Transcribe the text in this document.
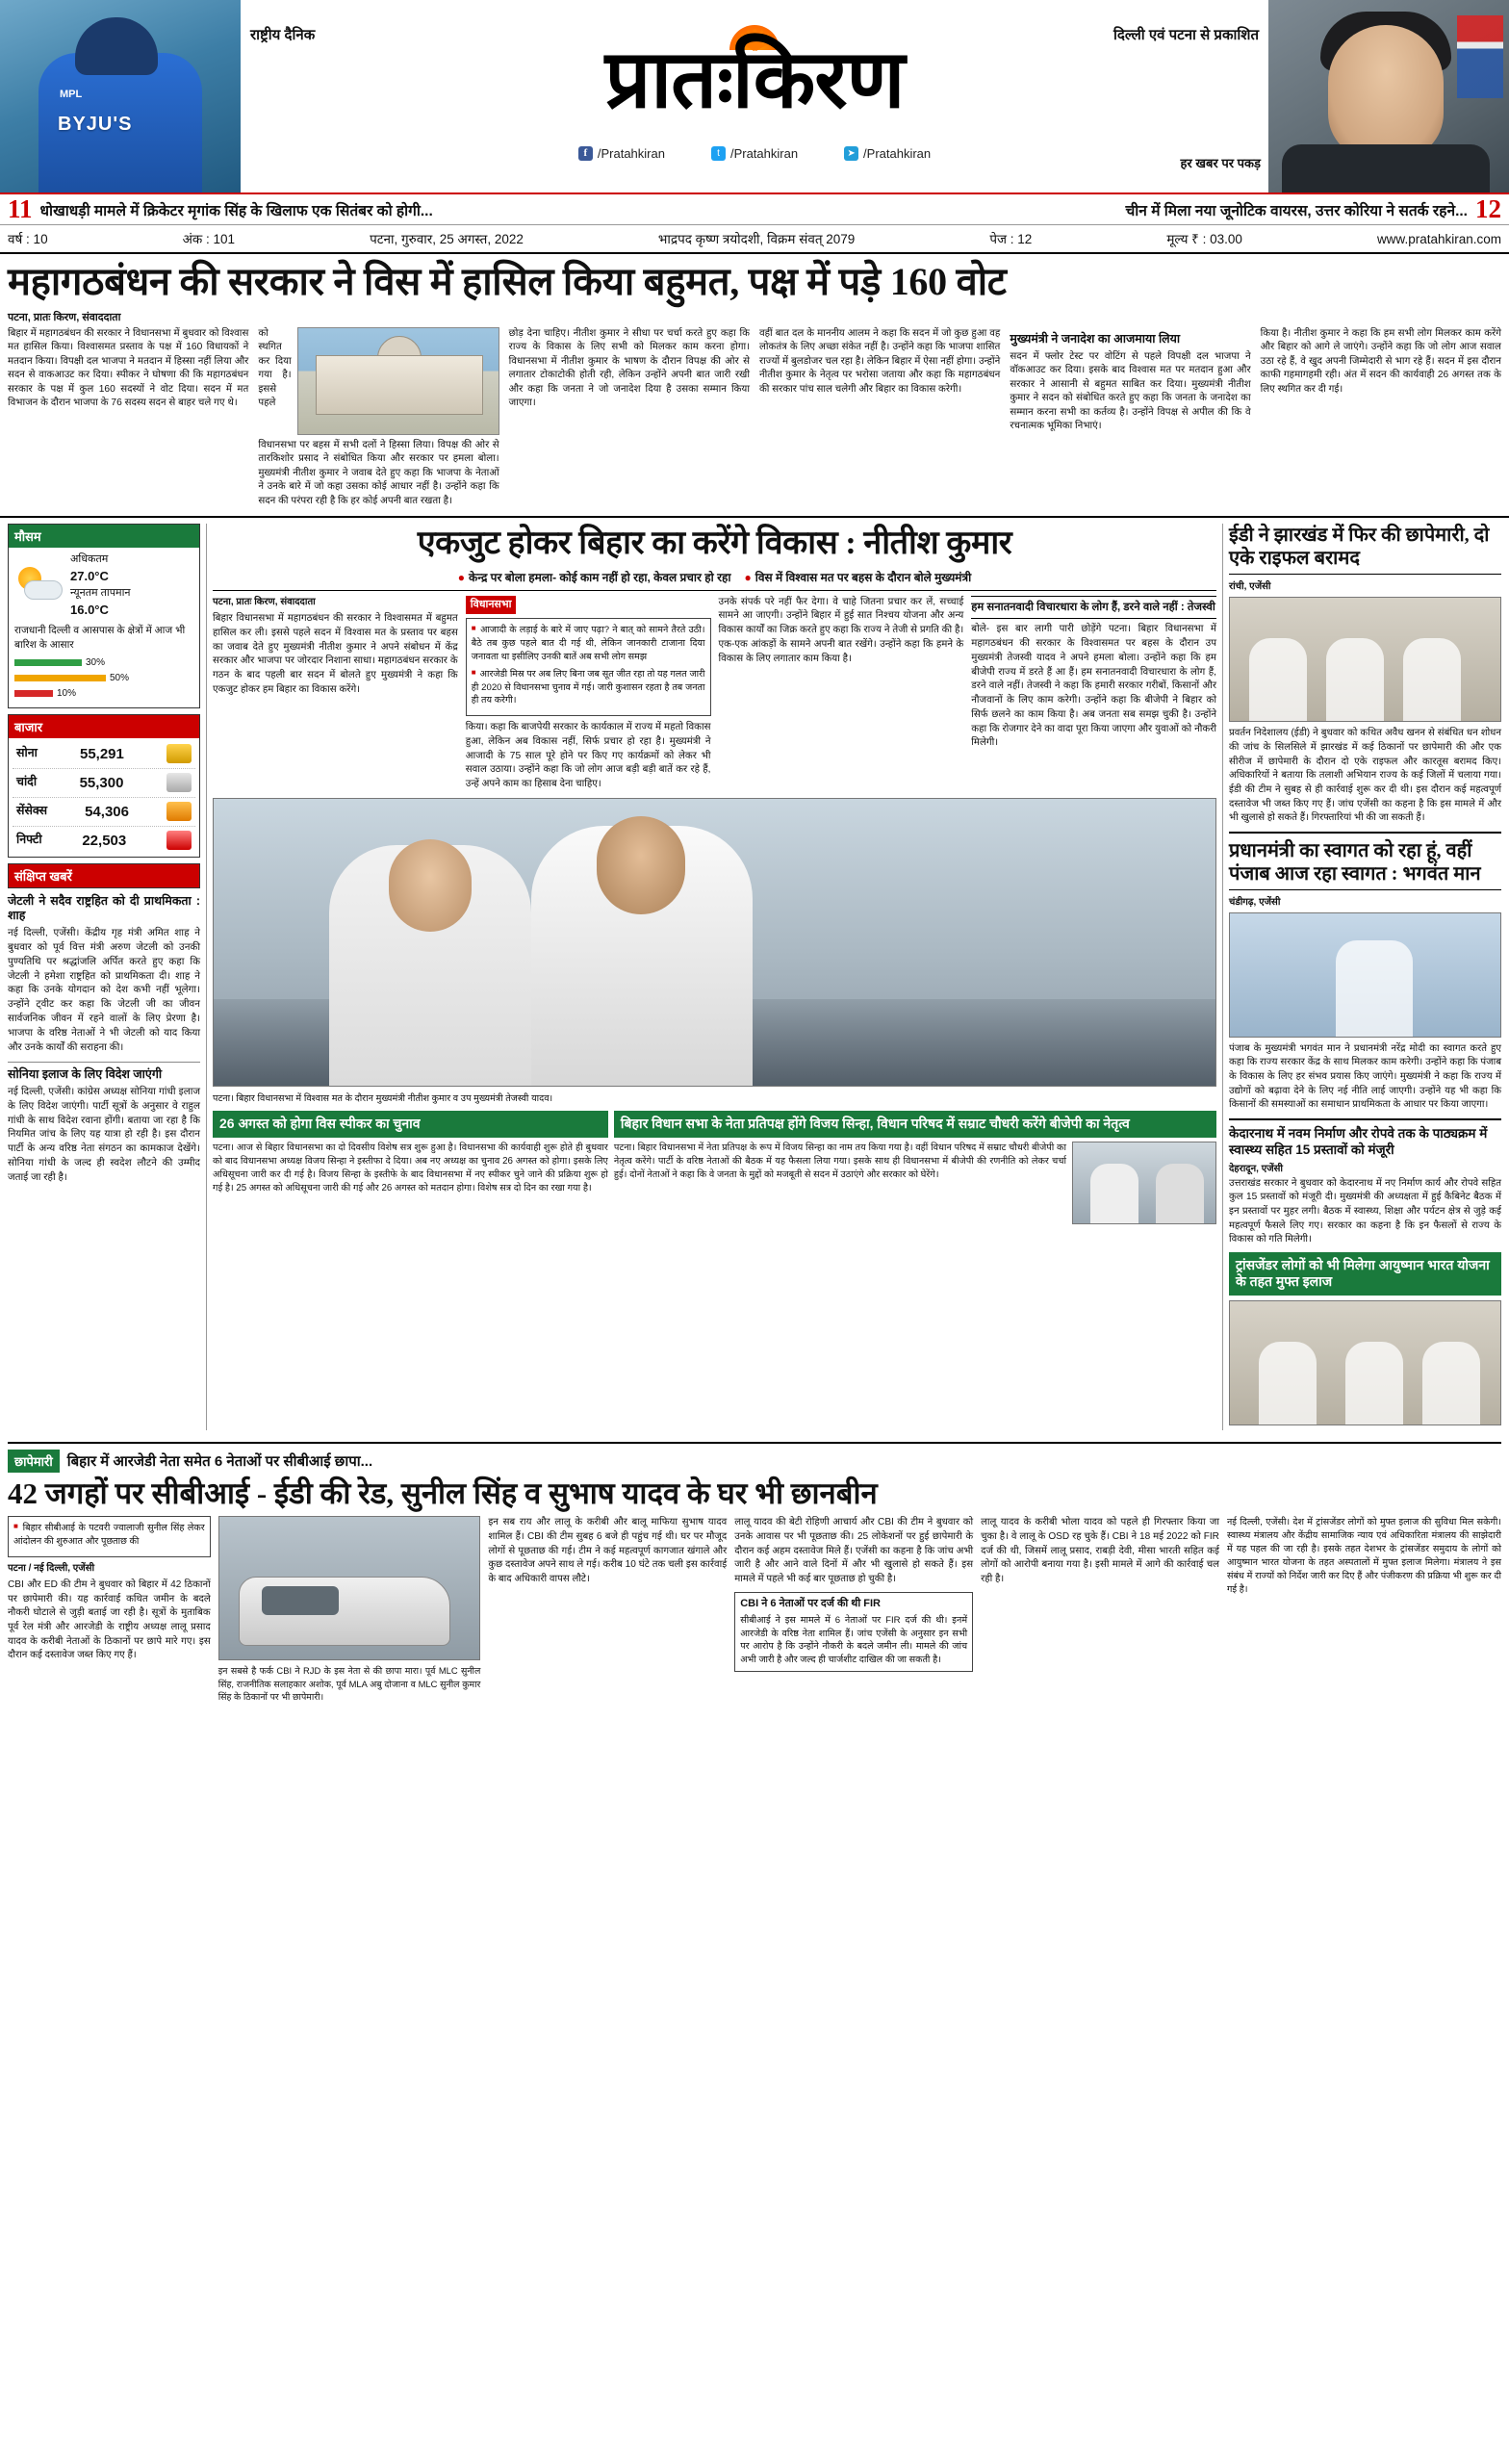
MPL
BYJU'S
राष्ट्रीय दैनिक	दिल्ली एवं पटना से प्रकाशित
प्रातःकिरण
f /Pratahkiran	t /Pratahkiran	➤ /Pratahkiran
हर खबर पर पकड़
11 धोखाधड़ी मामले में क्रिकेटर मृगांक सिंह के खिलाफ एक सितंबर को होगी...	चीन में मिला नया जूनोटिक वायरस, उत्तर कोरिया ने सतर्क रहने... 12
वर्ष : 10	अंक : 101	पटना, गुरुवार, 25 अगस्त, 2022	भाद्रपद कृष्ण त्रयोदशी, विक्रम संवत् 2079	पेज : 12	मूल्य ₹ : 03.00	www.pratahkiran.com
महागठबंधन की सरकार ने विस में हासिल किया बहुमत, पक्ष में पड़े 160 वोट
पटना, प्रातः किरण, संवाददाता
बिहार में महागठबंधन की सरकार ने विधानसभा में बुधवार को विश्वास मत हासिल किया। विश्वासमत प्रस्ताव के पक्ष में 160 विधायकों ने मतदान किया। विपक्षी दल भाजपा ने मतदान में हिस्सा नहीं लिया और सदन से वाकआउट कर दिया। स्पीकर ने घोषणा की कि महागठबंधन सरकार के पक्ष में कुल 160 सदस्यों ने वोट दिया। सदन में मत विभाजन के दौरान भाजपा के 76 सदस्य सदन से बाहर चले गए थे।
को स्थगित कर दिया गया है। इससे पहले विधानसभा पर बहस में सभी दलों ने हिस्सा लिया। विपक्ष की ओर से तारकिशोर प्रसाद ने संबोधित किया और सरकार पर हमला बोला। मुख्यमंत्री नीतीश कुमार ने जवाब देते हुए कहा कि भाजपा के नेताओं ने उनके बारे में जो कहा उसका कोई आधार नहीं है। उन्होंने कहा कि सदन की परंपरा रही है कि हर कोई अपनी बात रखता है।
छोड़ देना चाहिए। नीतीश कुमार ने सीधा पर चर्चा करते हुए कहा कि राज्य के विकास के लिए सभी को मिलकर काम करना होगा। विधानसभा में नीतीश कुमार के भाषण के दौरान विपक्ष की ओर से लगातार टोकाटोकी होती रही, लेकिन उन्होंने अपनी बात जारी रखी और कहा कि जनता ने जो जनादेश दिया है उसका सम्मान किया जाएगा।
वहीं बात दल के माननीय आलम ने कहा कि सदन में जो कुछ हुआ वह लोकतंत्र के लिए अच्छा संकेत नहीं है। उन्होंने कहा कि भाजपा शासित राज्यों में बुलडोजर चल रहा है। लेकिन बिहार में ऐसा नहीं होगा। उन्होंने नीतीश कुमार के नेतृत्व पर भरोसा जताया और कहा कि महागठबंधन की सरकार पांच साल चलेगी और बिहार का विकास करेगी।
मुख्यमंत्री ने जनादेश का आजमाया लिया
सदन में फ्लोर टेस्ट पर वोटिंग से पहले विपक्षी दल भाजपा ने वॉकआउट कर दिया। इसके बाद विश्वास मत पर मतदान हुआ और सरकार ने आसानी से बहुमत साबित कर दिया। मुख्यमंत्री नीतीश कुमार ने सदन को संबोधित करते हुए कहा कि जनता के जनादेश का सम्मान करना सभी का कर्तव्य है। उन्होंने विपक्ष से अपील की कि वे रचनात्मक भूमिका निभाएं।
किया है। नीतीश कुमार ने कहा कि हम सभी लोग मिलकर काम करेंगे और बिहार को आगे ले जाएंगे। उन्होंने कहा कि जो लोग आज सवाल उठा रहे हैं, वे खुद अपनी जिम्मेदारी से भाग रहे हैं। सदन में इस दौरान काफी गहमागहमी रही। अंत में सदन की कार्यवाही 26 अगस्त तक के लिए स्थगित कर दी गई।
मौसम
अधिकतम
27.0°C
न्यूनतम तापमान
16.0°C
राजधानी दिल्ली व आसपास के क्षेत्रों में आज भी बारिश के आसार
30%
50%
10%
बाजार
सोना	55,291
चांदी	55,300
सेंसेक्स	54,306
निफ्टी	22,503
संक्षिप्त खबरें
जेटली ने सदैव राष्ट्रहित को दी प्राथमिकता : शाह
नई दिल्ली, एजेंसी। केंद्रीय गृह मंत्री अमित शाह ने बुधवार को पूर्व वित्त मंत्री अरुण जेटली को उनकी पुण्यतिथि पर श्रद्धांजलि अर्पित करते हुए कहा कि जेटली ने हमेशा राष्ट्रहित को प्राथमिकता दी। शाह ने कहा कि उनके योगदान को देश कभी नहीं भूलेगा। उन्होंने ट्वीट कर कहा कि जेटली जी का जीवन सार्वजनिक जीवन में रहने वालों के लिए प्रेरणा है। भाजपा के वरिष्ठ नेताओं ने भी जेटली को याद किया और उनके कार्यों की सराहना की।
सोनिया इलाज के लिए विदेश जाएंगी
नई दिल्ली, एजेंसी। कांग्रेस अध्यक्ष सोनिया गांधी इलाज के लिए विदेश जाएंगी। पार्टी सूत्रों के अनुसार वे राहुल गांधी के साथ विदेश रवाना होंगी। बताया जा रहा है कि नियमित जांच के लिए यह यात्रा हो रही है। इस दौरान पार्टी के अन्य वरिष्ठ नेता संगठन का कामकाज देखेंगे। सोनिया गांधी के जल्द ही स्वदेश लौटने की उम्मीद जताई जा रही है।
एकजुट होकर बिहार का करेंगे विकास : नीतीश कुमार
● केन्द्र पर बोला हमला- कोई काम नहीं हो रहा, केवल प्रचार हो रहा	● विस में विश्वास मत पर बहस के दौरान बोले मुख्यमंत्री
पटना, प्रातः किरण, संवाददाता
बिहार विधानसभा में महागठबंधन की सरकार ने विश्वासमत में बहुमत हासिल कर ली। इससे पहले सदन में विश्वास मत के प्रस्ताव पर बहस का जवाब देते हुए मुख्यमंत्री नीतीश कुमार ने अपने संबोधन में केंद्र सरकार और भाजपा पर जोरदार निशाना साधा। महागठबंधन सरकार के गठन के बाद पहली बार सदन में बोलते हुए मुख्यमंत्री ने कहा कि एकजुट होकर हम बिहार का विकास करेंगे।
विधानसभा
■ आजादी के लड़ाई के बारे में जाए पढ़ा? ने बात् को सामने तैरते उठी। बैठे तब कुछ पहले बात दी गई थी, लेकिन जानकारी टाजाना दिया जनावता था इसीलिए उनकी बातें अब सभी लोग समझ
■ आरजेडी मिस्र पर अब लिए बिना जब सूत जीत रहा तो यह गलत जारी ही 2020 से विधानसभा चुनाव में गई। जारी कुशासन रहता है तब जनता ही तय करेगी।
किया। कहा कि बाजपेयी सरकार के कार्यकाल में राज्य में महतो विकास हुआ, लेकिन अब विकास नहीं, सिर्फ प्रचार हो रहा है। मुख्यमंत्री ने आजादी के 75 साल पूरे होने पर किए गए कार्यक्रमों को लेकर भी सवाल उठाया। उन्होंने कहा कि जो लोग आज बड़ी बड़ी बातें कर रहे हैं, उन्हें अपने काम का हिसाब देना चाहिए।
उनके संपर्क परे नहीं फैर देगा। वे चाहे जितना प्रचार कर लें, सच्चाई सामने आ जाएगी। उन्होंने बिहार में हुई सात निश्चय योजना और अन्य विकास कार्यों का जिक्र करते हुए कहा कि राज्य ने तेजी से प्रगति की है। एक-एक आंकड़ों के सामने अपनी बात रखेंगे। उन्होंने कहा कि हमने के विकास के लिए लगातार काम किया है।
हम सनातनवादी विचारधारा के लोग हैं, डरने वाले नहीं : तेजस्वी
बोले- इस बार लागी पारी छोड़ेंगे पटना। बिहार विधानसभा में महागठबंधन की सरकार के विश्वासमत पर बहस के दौरान उप मुख्यमंत्री तेजस्वी यादव ने अपने हमला बोला। उन्होंने कहा कि हम बीजेपी राज्य में डरते हैं आ हैं। हम सनातनवादी विचारधारा के लोग हैं, डरने वाले नहीं। तेजस्वी ने कहा कि हमारी सरकार गरीबों, किसानों और नौजवानों के लिए काम करेगी। उन्होंने कहा कि बीजेपी ने बिहार को सिर्फ छलने का काम किया है। अब जनता सब समझ चुकी है। उन्होंने कहा कि रोजगार देने का वादा पूरा किया जाएगा और युवाओं को नौकरी मिलेगी।
पटना। बिहार विधानसभा में विश्वास मत के दौरान मुख्यमंत्री नीतीश कुमार व उप मुख्यमंत्री तेजस्वी यादव।
26 अगस्त को होगा विस स्पीकर का चुनाव
पटना। आज से बिहार विधानसभा का दो दिवसीय विशेष सत्र शुरू हुआ है। विधानसभा की कार्यवाही शुरू होते ही बुधवार को बाद विधानसभा अध्यक्ष विजय सिन्हा ने इस्तीफा दे दिया। अब नए अध्यक्ष का चुनाव 26 अगस्त को होगा। इसके लिए अधिसूचना जारी कर दी गई है। विजय सिन्हा के इस्तीफे के बाद विधानसभा में नए स्पीकर चुने जाने की प्रक्रिया शुरू हो गई है। 25 अगस्त को अधिसूचना जारी की गई और 26 अगस्त को मतदान होगा। विशेष सत्र दो दिन का रखा गया है।
बिहार विधान सभा के नेता प्रतिपक्ष होंगे विजय सिन्हा, विधान परिषद में सम्राट चौधरी करेंगे बीजेपी का नेतृत्व
पटना। बिहार विधानसभा में नेता प्रतिपक्ष के रूप में विजय सिन्हा का नाम तय किया गया है। वहीं विधान परिषद में सम्राट चौधरी बीजेपी का नेतृत्व करेंगे। पार्टी के वरिष्ठ नेताओं की बैठक में यह फैसला लिया गया। इसके साथ ही विधानसभा में बीजेपी की रणनीति को लेकर चर्चा हुई। दोनों नेताओं ने कहा कि वे जनता के मुद्दों को मजबूती से सदन में उठाएंगे और सरकार को घेरेंगे।
ईडी ने झारखंड में फिर की छापेमारी, दो एके राइफल बरामद
रांची, एजेंसी
प्रवर्तन निदेशालय (ईडी) ने बुधवार को कथित अवैध खनन से संबंधित धन शोधन की जांच के सिलसिले में झारखंड में कई ठिकानों पर छापेमारी की और एक सीरीज में छापेमारी के दौरान दो एके राइफल और कारतूस बरामद किए। अधिकारियों ने बताया कि तलाशी अभियान राज्य के कई जिलों में चलाया गया। ईडी की टीम ने सुबह से ही कार्रवाई शुरू कर दी थी। इस दौरान कई महत्वपूर्ण दस्तावेज भी जब्त किए गए हैं। जांच एजेंसी का कहना है कि इस मामले में और भी खुलासे हो सकते हैं। गिरफ्तारियां भी की जा सकती हैं।
प्रधानमंत्री का स्वागत को रहा हूं, वहीं पंजाब आज रहा स्वागत : भगवंत मान
चंडीगढ़, एजेंसी
पंजाब के मुख्यमंत्री भगवंत मान ने प्रधानमंत्री नरेंद्र मोदी का स्वागत करते हुए कहा कि राज्य सरकार केंद्र के साथ मिलकर काम करेगी। उन्होंने कहा कि पंजाब के विकास के लिए हर संभव प्रयास किए जाएंगे। मुख्यमंत्री ने कहा कि राज्य में उद्योगों को बढ़ावा देने के लिए नई नीति लाई जाएगी। उन्होंने यह भी कहा कि किसानों की समस्याओं का समाधान प्राथमिकता के आधार पर किया जाएगा।
केदारनाथ में नवम निर्माण और रोपवे तक के पाठ्यक्रम में स्वास्थ्य सहित 15 प्रस्तावों को मंजूरी
देहरादून, एजेंसी
उत्तराखंड सरकार ने बुधवार को केदारनाथ में नए निर्माण कार्य और रोपवे सहित कुल 15 प्रस्तावों को मंजूरी दी। मुख्यमंत्री की अध्यक्षता में हुई कैबिनेट बैठक में इन प्रस्तावों पर मुहर लगी। बैठक में स्वास्थ्य, शिक्षा और पर्यटन क्षेत्र से जुड़े कई महत्वपूर्ण फैसले लिए गए। सरकार का कहना है कि इन फैसलों से राज्य के विकास को गति मिलेगी।
ट्रांसजेंडर लोगों को भी मिलेगा आयुष्मान भारत योजना के तहत मुफ्त इलाज
छापेमारी	बिहार में आरजेडी नेता समेत 6 नेताओं पर सीबीआई छापा...
42 जगहों पर सीबीआई - ईडी की रेड, सुनील सिंह व सुभाष यादव के घर भी छानबीन
■ बिहार सीबीआई के पटवरी ज्वालाजी सुनील सिंह लेकर आंदोलन की शुरुआत और पूछताछ की
पटना / नई दिल्ली, एजेंसी
CBI और ED की टीम ने बुधवार को बिहार में 42 ठिकानों पर छापेमारी की। यह कार्रवाई कथित जमीन के बदले नौकरी घोटाले से जुड़ी बताई जा रही है। सूत्रों के मुताबिक पूर्व रेल मंत्री और आरजेडी के राष्ट्रीय अध्यक्ष लालू प्रसाद यादव के करीबी नेताओं के ठिकानों पर छापे मारे गए। इस दौरान कई दस्तावेज जब्त किए गए हैं।
इन सबसे है फर्क CBI ने RJD के इस नेता से की छापा मारा। पूर्व MLC सुनील सिंह, राजनीतिक सलाहकार अशोक, पूर्व MLA अबु दोजाना व MLC सुनील कुमार सिंह के ठिकानों पर भी छापेमारी।
इन सब राय और लालू के करीबी और बालू माफिया सुभाष यादव शामिल हैं। CBI की टीम सुबह 6 बजे ही पहुंच गई थी। घर पर मौजूद लोगों से पूछताछ की गई। टीम ने कई महत्वपूर्ण कागजात खंगाले और कुछ दस्तावेज अपने साथ ले गई। करीब 10 घंटे तक चली इस कार्रवाई के बाद अधिकारी वापस लौटे।
लालू यादव की बेटी रोहिणी आचार्य और CBI की टीम ने बुधवार को उनके आवास पर भी पूछताछ की। 25 लोकेशनों पर हुई छापेमारी के दौरान कई अहम दस्तावेज मिले हैं। एजेंसी का कहना है कि जांच अभी जारी है और आने वाले दिनों में और भी खुलासे हो सकते हैं। इस मामले में पहले भी कई बार पूछताछ हो चुकी है।
CBI ने 6 नेताओं पर दर्ज की थी FIR
सीबीआई ने इस मामले में 6 नेताओं पर FIR दर्ज की थी। इनमें आरजेडी के वरिष्ठ नेता शामिल हैं। जांच एजेंसी के अनुसार इन सभी पर आरोप है कि उन्होंने नौकरी के बदले जमीन ली। मामले की जांच अभी जारी है और जल्द ही चार्जशीट दाखिल की जा सकती है।
लालू यादव के करीबी भोला यादव को पहले ही गिरफ्तार किया जा चुका है। वे लालू के OSD रह चुके हैं। CBI ने 18 मई 2022 को FIR दर्ज की थी, जिसमें लालू प्रसाद, राबड़ी देवी, मीसा भारती सहित कई लोगों को आरोपी बनाया गया है। इसी मामले में आगे की कार्रवाई चल रही है।
नई दिल्ली, एजेंसी। देश में ट्रांसजेंडर लोगों को मुफ्त इलाज की सुविधा मिल सकेगी। स्वास्थ्य मंत्रालय और केंद्रीय सामाजिक न्याय एवं अधिकारिता मंत्रालय की साझेदारी में यह पहल की जा रही है। इसके तहत देशभर के ट्रांसजेंडर समुदाय के लोगों को आयुष्मान भारत योजना के तहत अस्पतालों में मुफ्त इलाज मिलेगा। मंत्रालय ने इस संबंध में राज्यों को निर्देश जारी कर दिए हैं और पंजीकरण की प्रक्रिया भी शुरू कर दी गई है।
